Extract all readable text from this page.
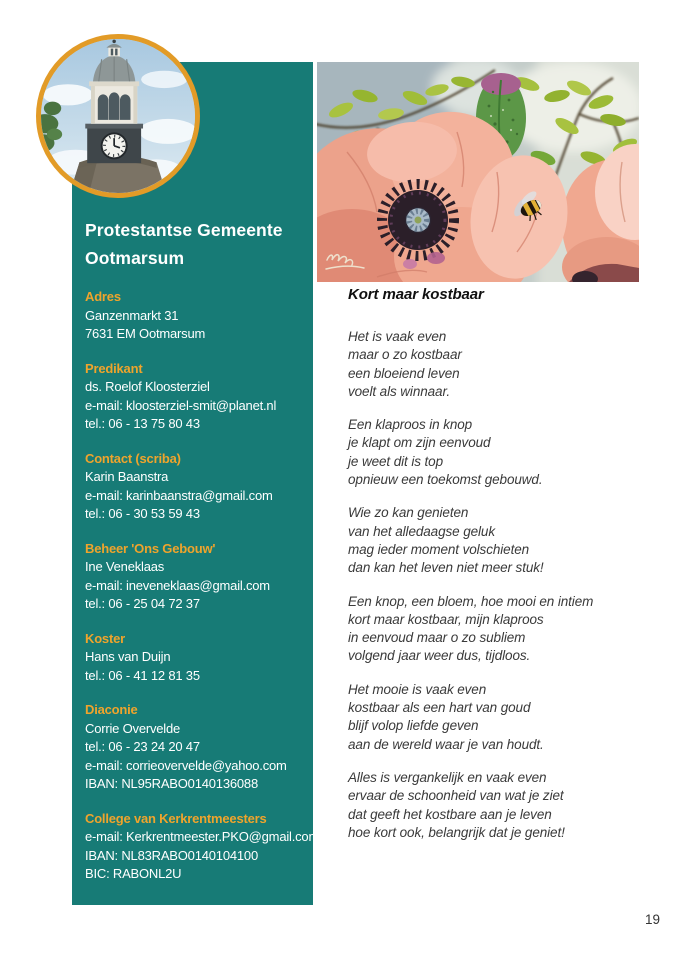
Protestantse Gemeente
Ootmarsum
Adres
Ganzenmarkt 31
7631 EM Ootmarsum
Predikant
ds. Roelof Kloosterziel
e-mail: kloosterziel-smit@planet.nl
tel.: 06 - 13 75 80 43
Contact (scriba)
Karin Baanstra
e-mail: karinbaanstra@gmail.com
tel.: 06 - 30 53 59 43
Beheer 'Ons Gebouw'
Ine Veneklaas
e-mail: ineveneklaas@gmail.com
tel.: 06 - 25 04 72 37
Koster
Hans van Duijn
tel.: 06 - 41 12 81 35
Diaconie
Corrie Overvelde
tel.: 06 - 23 24 20 47
e-mail: corrieovervelde@yahoo.com
IBAN: NL95RABO0140136088
College van Kerkrentmeesters
e-mail: Kerkrentmeester.PKO@gmail.com
IBAN: NL83RABO0140104100
BIC: RABONL2U
Kort maar kostbaar
Het is vaak even
maar o zo kostbaar
een bloeiend leven
voelt als winnaar.
Een klaproos in knop
je klapt om zijn eenvoud
je weet dit is top
opnieuw een toekomst gebouwd.
Wie zo kan genieten
van het alledaagse geluk
mag ieder moment volschieten
dan kan het leven niet meer stuk!
Een knop, een bloem, hoe mooi en intiem
kort maar kostbaar, mijn klaproos
in eenvoud maar o zo subliem
volgend jaar weer dus, tijdloos.
Het mooie is vaak even
kostbaar als een hart van goud
blijf volop liefde geven
aan de wereld waar je van houdt.
Alles is vergankelijk en vaak even
ervaar de schoonheid van wat je ziet
dat geeft het kostbare aan je leven
hoe kort ook, belangrijk dat je geniet!
19
